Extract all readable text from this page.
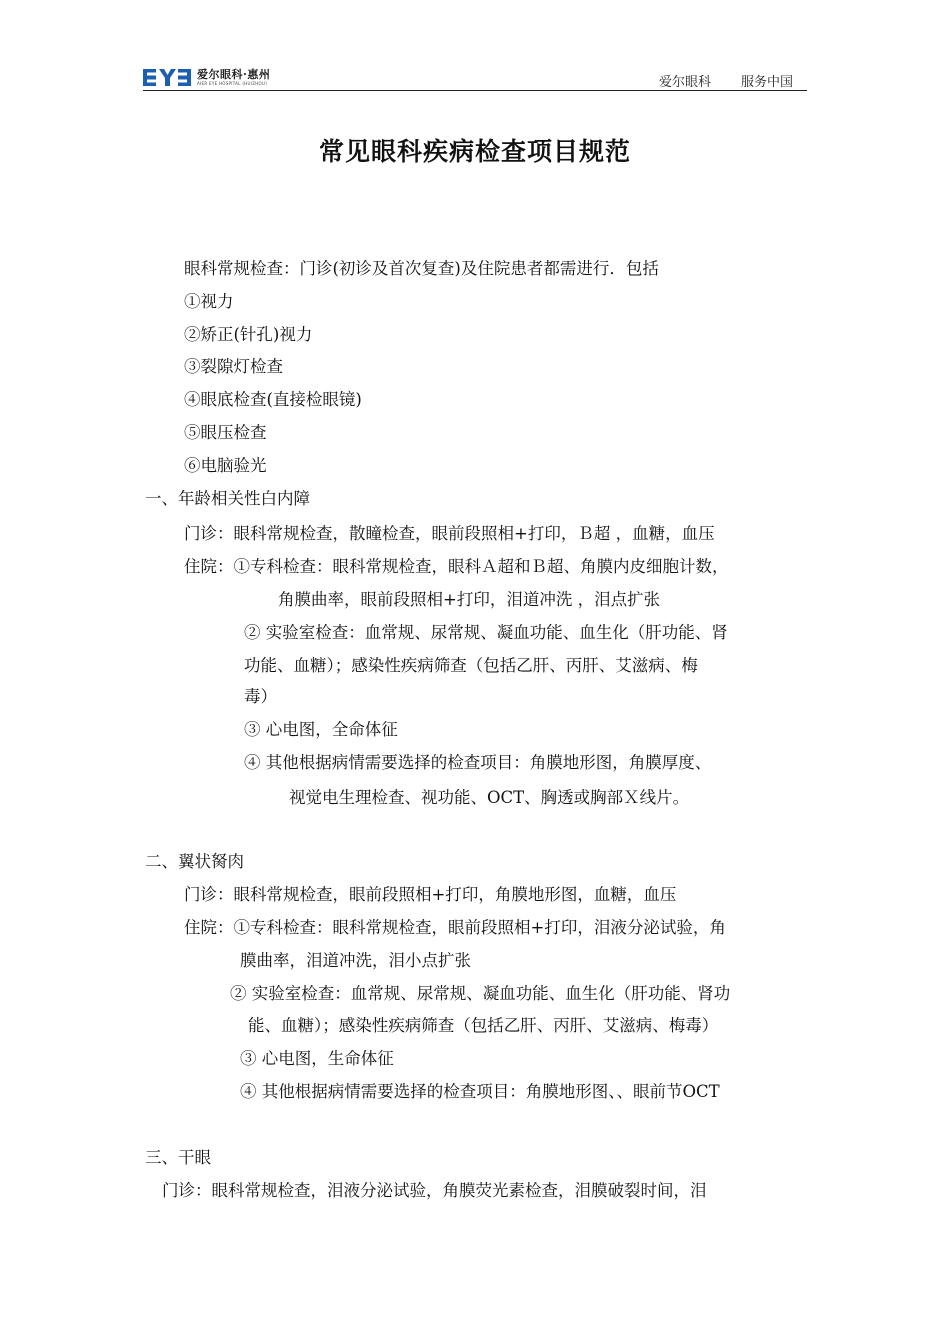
爱尔眼科·惠州
AIER EYE HOSPITAL (HUIZHOU)	爱尔眼科 服务中国
常见眼科疾病检查项目规范
眼科常规检查：门诊(初诊及首次复查)及住院患者都需进行．包括
①视力
②矫正(针孔)视力
③裂隙灯检查
④眼底检查(直接检眼镜)
⑤眼压检查
⑥电脑验光
一、年龄相关性白内障
门诊：眼科常规检查，散瞳检查，眼前段照相+打印，Ｂ超 ，血糖，血压
住院：①专科检查：眼科常规检查，眼科Ａ超和Ｂ超、角膜内皮细胞计数，
角膜曲率，眼前段照相+打印，泪道冲洗 ，泪点扩张
② 实验室检查：血常规、尿常规、凝血功能、血生化（肝功能、肾
功能、血糖）；感染性疾病筛查（包括乙肝、丙肝、艾滋病、梅
毒）
③ 心电图，全命体征
④ 其他根据病情需要选择的检查项目：角膜地形图，角膜厚度、
视觉电生理检查、视功能、OCT、胸透或胸部Ｘ线片。
二、翼状胬肉
门诊：眼科常规检查，眼前段照相+打印，角膜地形图，血糖，血压
住院：①专科检查：眼科常规检查，眼前段照相+打印，泪液分泌试验，角
膜曲率，泪道冲洗，泪小点扩张
② 实验室检查：血常规、尿常规、凝血功能、血生化（肝功能、肾功
能、血糖）；感染性疾病筛查（包括乙肝、丙肝、艾滋病、梅毒）
③ 心电图，生命体征
④ 其他根据病情需要选择的检查项目：角膜地形图、、眼前节OCT
三、干眼
门诊：眼科常规检查，泪液分泌试验，角膜荧光素检查，泪膜破裂时间，泪
